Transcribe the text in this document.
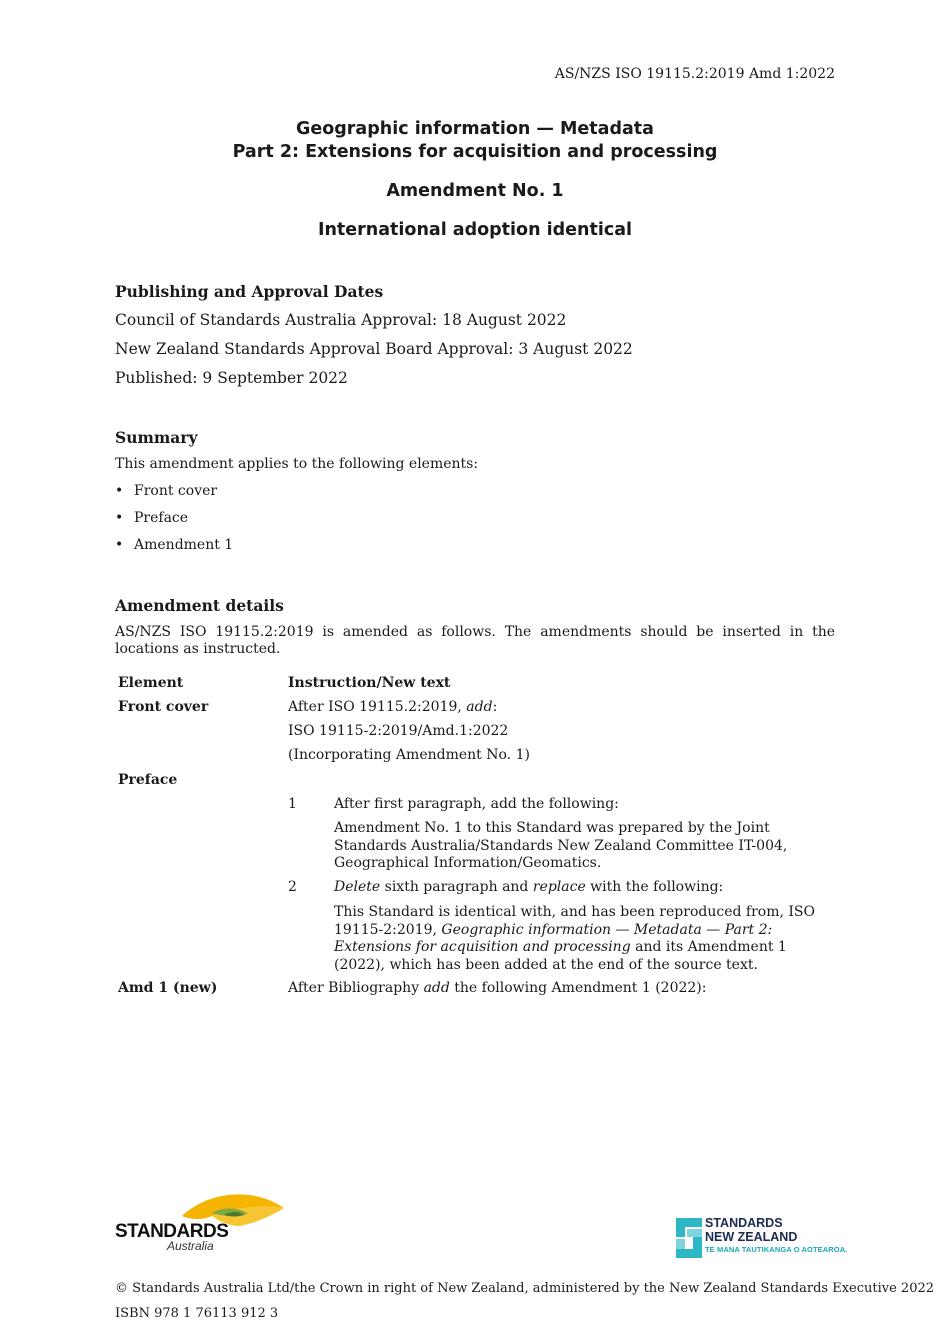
AS/NZS ISO 19115.2:2019 Amd 1:2022
Geographic information — Metadata
Part 2: Extensions for acquisition and processing
Amendment No. 1
International adoption identical
Publishing and Approval Dates
Council of Standards Australia Approval: 18 August 2022
New Zealand Standards Approval Board Approval: 3 August 2022
Published: 9 September 2022
Summary
This amendment applies to the following elements:
• Front cover
• Preface
• Amendment 1
Amendment details
AS/NZS ISO 19115.2:2019 is amended as follows. The amendments should be inserted in the locations as instructed.
Element	Instruction/New text
Front cover	After ISO 19115.2:2019, add:
ISO 19115-2:2019/Amd.1:2022
(Incorporating Amendment No. 1)
Preface
1	After first paragraph, add the following:
Amendment No. 1 to this Standard was prepared by the Joint Standards Australia/Standards New Zealand Committee IT-004, Geographical Information/Geomatics.
2	Delete sixth paragraph and replace with the following:
This Standard is identical with, and has been reproduced from, ISO 19115-2:2019, Geographic information — Metadata — Part 2: Extensions for acquisition and processing and its Amendment 1 (2022), which has been added at the end of the source text.
Amd 1 (new)	After Bibliography add the following Amendment 1 (2022):
STANDARDS
Australia
STANDARDS
NEW ZEALAND
TE MANA TAUTIKANGA O AOTEAROA.
© Standards Australia Ltd/the Crown in right of New Zealand, administered by the New Zealand Standards Executive 2022
ISBN 978 1 76113 912 3
